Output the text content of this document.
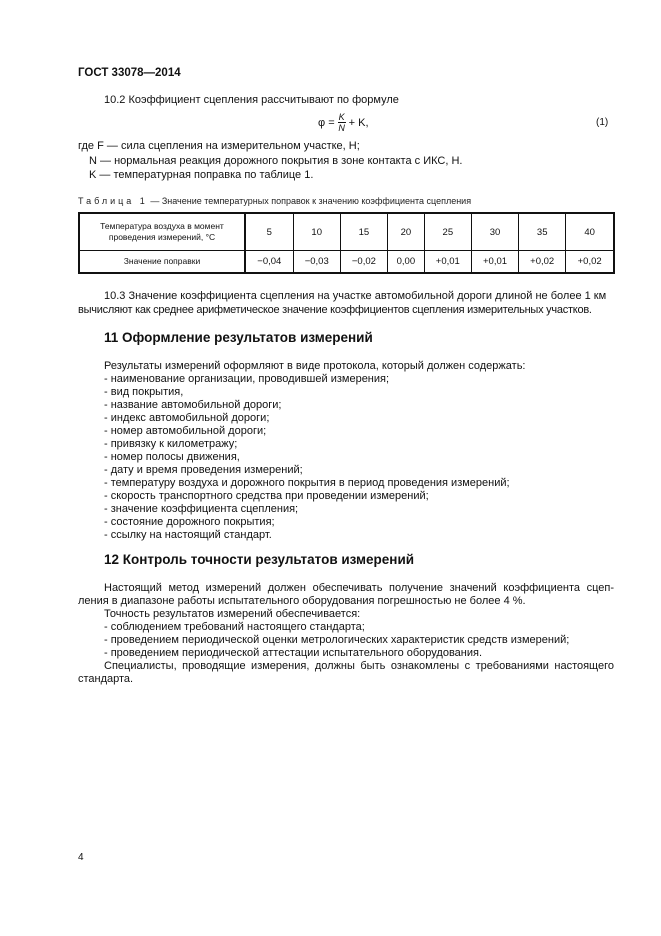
ГОСТ 33078—2014
10.2 Коэффициент сцепления рассчитывают по формуле
$\varphi = \frac{K}{N} + K$,	(1)
где F — сила сцепления на измерительном участке, Н;
N — нормальная реакция дорожного покрытия в зоне контакта с ИКС, Н.
K — температурная поправка по таблице 1.
Таблица 1 — Значение температурных поправок к значению коэффициента сцепления
Температура воздуха в момент проведения измерений, °С	5	10	15	20	25	30	35	40
Значение поправки	−0,04	−0,03	−0,02	0,00	+0,01	+0,01	+0,02	+0,02
10.3 Значение коэффициента сцепления на участке автомобильной дороги длиной не более 1 км
вычисляют как среднее арифметическое значение коэффициентов сцепления измерительных участков.
11 Оформление результатов измерений
Результаты измерений оформляют в виде протокола, который должен содержать:
- наименование организации, проводившей измерения;
- вид покрытия,
- название автомобильной дороги;
- индекс автомобильной дороги;
- номер автомобильной дороги;
- привязку к километражу;
- номер полосы движения,
- дату и время проведения измерений;
- температуру воздуха и дорожного покрытия в период проведения измерений;
- скорость транспортного средства при проведении измерений;
- значение коэффициента сцепления;
- состояние дорожного покрытия;
- ссылку на настоящий стандарт.
12 Контроль точности результатов измерений
Настоящий метод измерений должен обеспечивать получение значений коэффициента сцеп-
ления в диапазоне работы испытательного оборудования погрешностью не более 4 %.
Точность результатов измерений обеспечивается:
- соблюдением требований настоящего стандарта;
- проведением периодической оценки метрологических характеристик средств измерений;
- проведением периодической аттестации испытательного оборудования.
Специалисты, проводящие измерения, должны быть ознакомлены с требованиями настоящего
стандарта.
4
